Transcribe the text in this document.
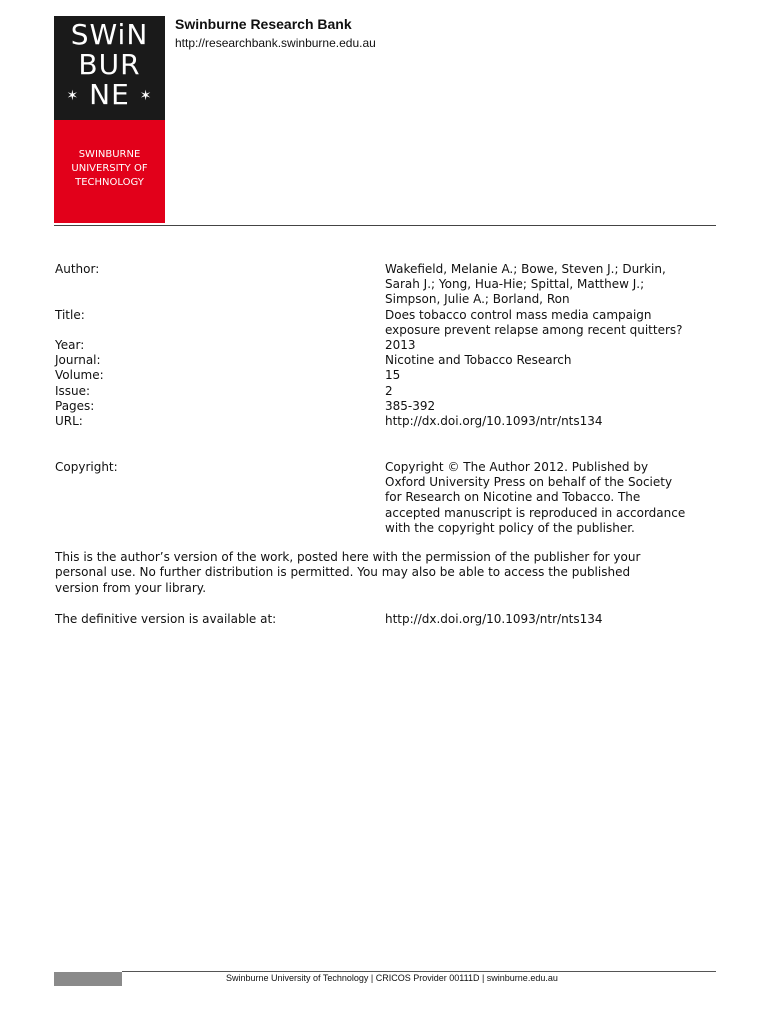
SWiN
BUR
✶ NE ✶
SWINBURNE
UNIVERSITY OF
TECHNOLOGY
Swinburne Research Bank
http://researchbank.swinburne.edu.au
Author:	Wakefield, Melanie A.; Bowe, Steven J.; Durkin,
Sarah J.; Yong, Hua-Hie; Spittal, Matthew J.;
Simpson, Julie A.; Borland, Ron
Title:	Does tobacco control mass media campaign
exposure prevent relapse among recent quitters?
Year:	2013
Journal:	Nicotine and Tobacco Research
Volume:	15
Issue:	2
Pages:	385-392
URL:	http://dx.doi.org/10.1093/ntr/nts134
Copyright:	Copyright © The Author 2012. Published by
Oxford University Press on behalf of the Society
for Research on Nicotine and Tobacco. The
accepted manuscript is reproduced in accordance
with the copyright policy of the publisher.
This is the author’s version of the work, posted here with the permission of the publisher for your
personal use. No further distribution is permitted. You may also be able to access the published
version from your library.
The definitive version is available at:	http://dx.doi.org/10.1093/ntr/nts134
Swinburne University of Technology | CRICOS Provider 00111D | swinburne.edu.au
